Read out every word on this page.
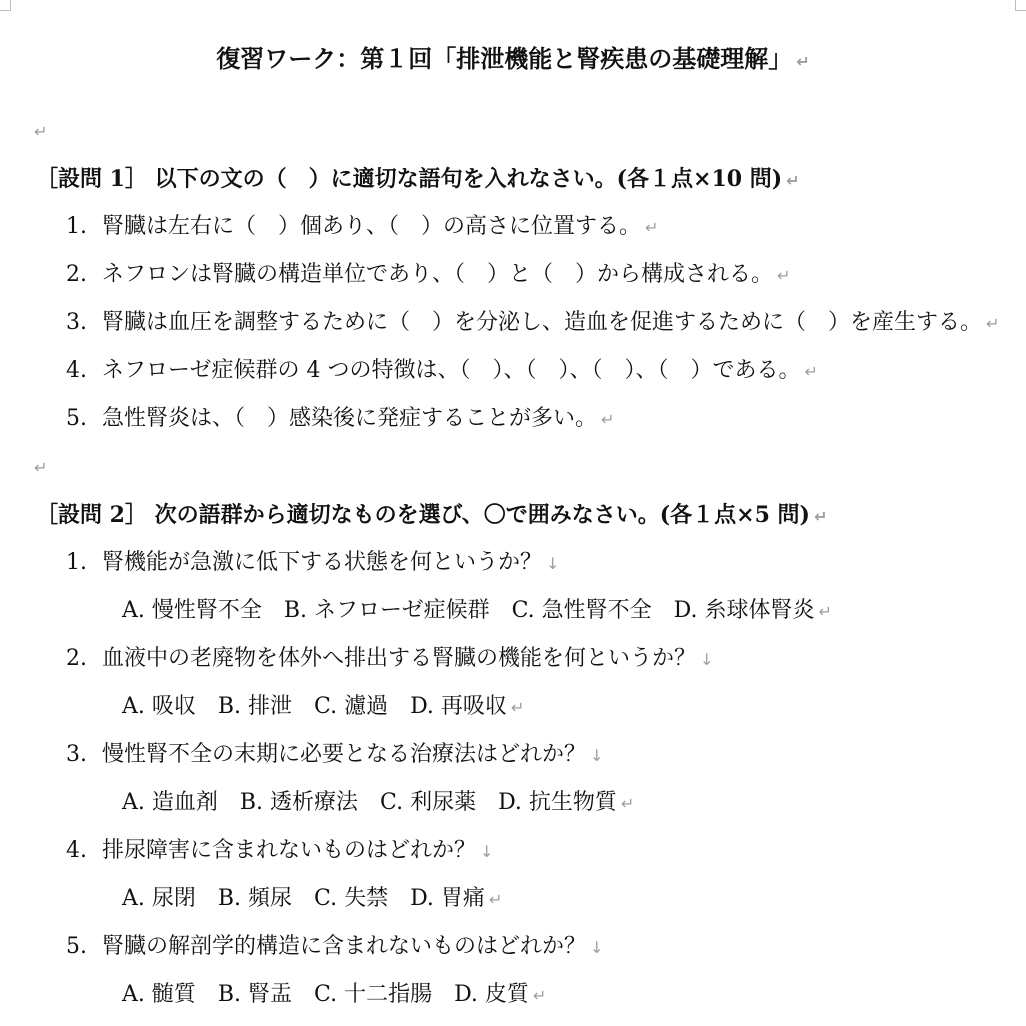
復習ワーク：第１回「排泄機能と腎疾患の基礎理解」 ↵
↵
［設問 1］ 以下の文の（　）に適切な語句を入れなさい。(各１点×10 問) ↵
1. 腎臓は左右に（　）個あり、（　）の高さに位置する。 ↵
2. ネフロンは腎臓の構造単位であり、（　）と（　）から構成される。 ↵
3. 腎臓は血圧を調整するために（　）を分泌し、造血を促進するために（　）を産生する。 ↵
4. ネフローゼ症候群の 4 つの特徴は、（　）、（　）、（　）、（　）である。 ↵
5. 急性腎炎は、（　）感染後に発症することが多い。 ↵
↵
［設問 2］ 次の語群から適切なものを選び、〇で囲みなさい。(各１点×5 問) ↵
1. 腎機能が急激に低下する状態を何というか？ ↓
A. 慢性腎不全　B. ネフローゼ症候群　C. 急性腎不全　D. 糸球体腎炎 ↵
2. 血液中の老廃物を体外へ排出する腎臓の機能を何というか？ ↓
A. 吸収　B. 排泄　C. 濾過　D. 再吸収 ↵
3. 慢性腎不全の末期に必要となる治療法はどれか？ ↓
A. 造血剤　B. 透析療法　C. 利尿薬　D. 抗生物質 ↵
4. 排尿障害に含まれないものはどれか？ ↓
A. 尿閉　B. 頻尿　C. 失禁　D. 胃痛 ↵
5. 腎臓の解剖学的構造に含まれないものはどれか？ ↓
A. 髄質　B. 腎盂　C. 十二指腸　D. 皮質 ↵
